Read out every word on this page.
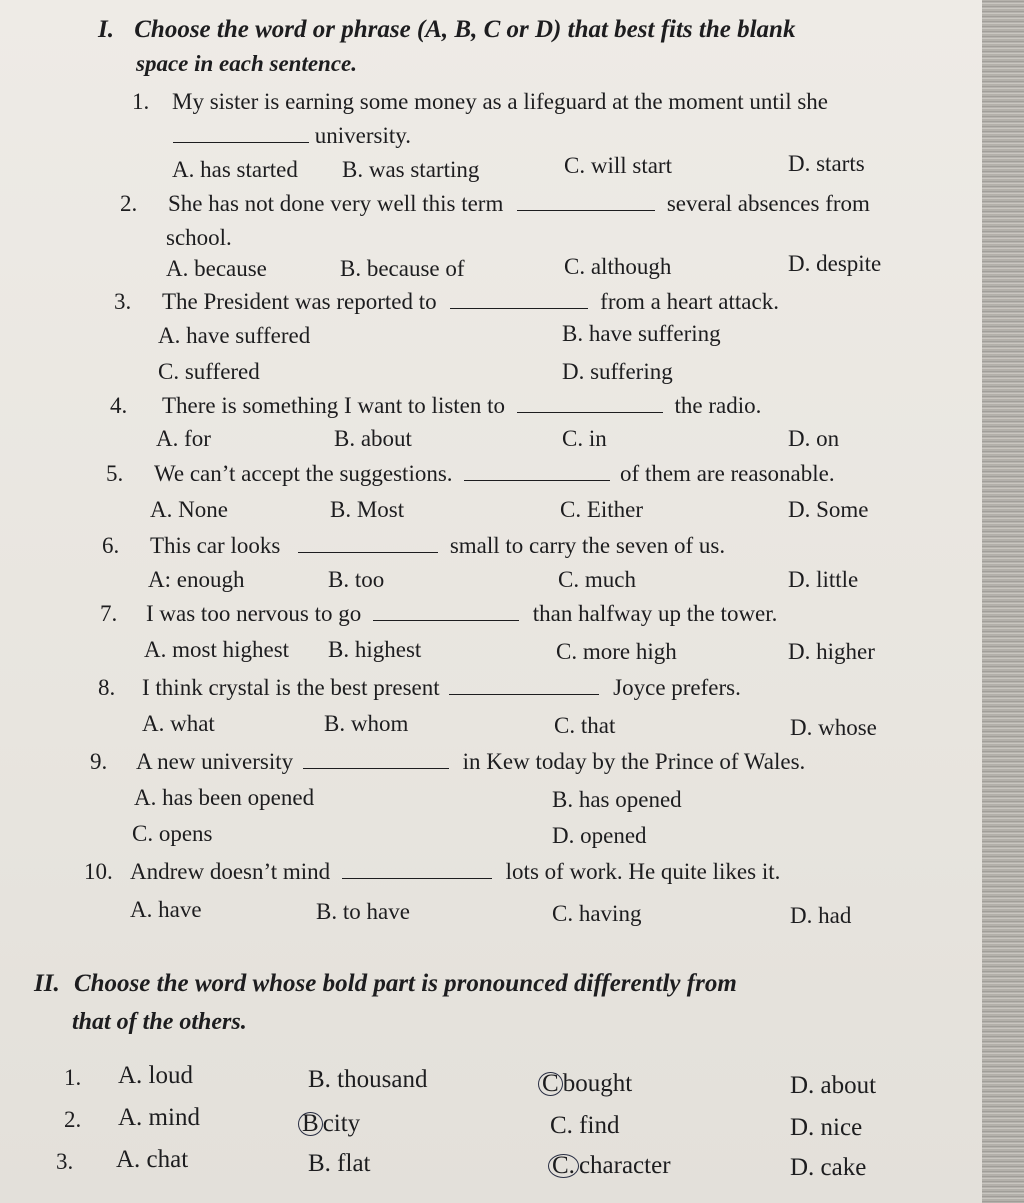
I. Choose the word or phrase (A, B, C or D) that best fits the blank
space in each sentence.
1. My sister is earning some money as a lifeguard at the moment until she
university.
A. has started B. was starting	C. will start	D. starts
2. She has not done very well this term	several absences from
school.
A. because	B. because of	C. although	D. despite
3. The President was reported to	from a heart attack.
A. have suffered	B. have suffering
C. suffered	D. suffering
4. There is something I want to listen to	the radio.
A. for	B. about	C. in	D. on
5. We can’t accept the suggestions.	of them are reasonable.
A. None	B. Most	C. Either	D. Some
6. This car looks	small to carry the seven of us.
A: enough	B. too	C. much	D. little
7. I was too nervous to go	than halfway up the tower.
A. most highest B. highest	C. more high	D. higher
8. I think crystal is the best present	Joyce prefers.
A. what	B. whom	C. that	D. whose
9. A new university	in Kew today by the Prince of Wales.
A. has been opened	B. has opened
C. opens	D. opened
10. Andrew doesn’t mind	lots of work. He quite likes it.
A. have	B. to have	C. having	D. had
II. Choose the word whose bold part is pronounced differently from
that of the others.
1. A. loud	B. thousand	C bought	D. about
2. A. mind	B city	C. find	D. nice
3. A. chat	B. flat	C. character	D. cake
